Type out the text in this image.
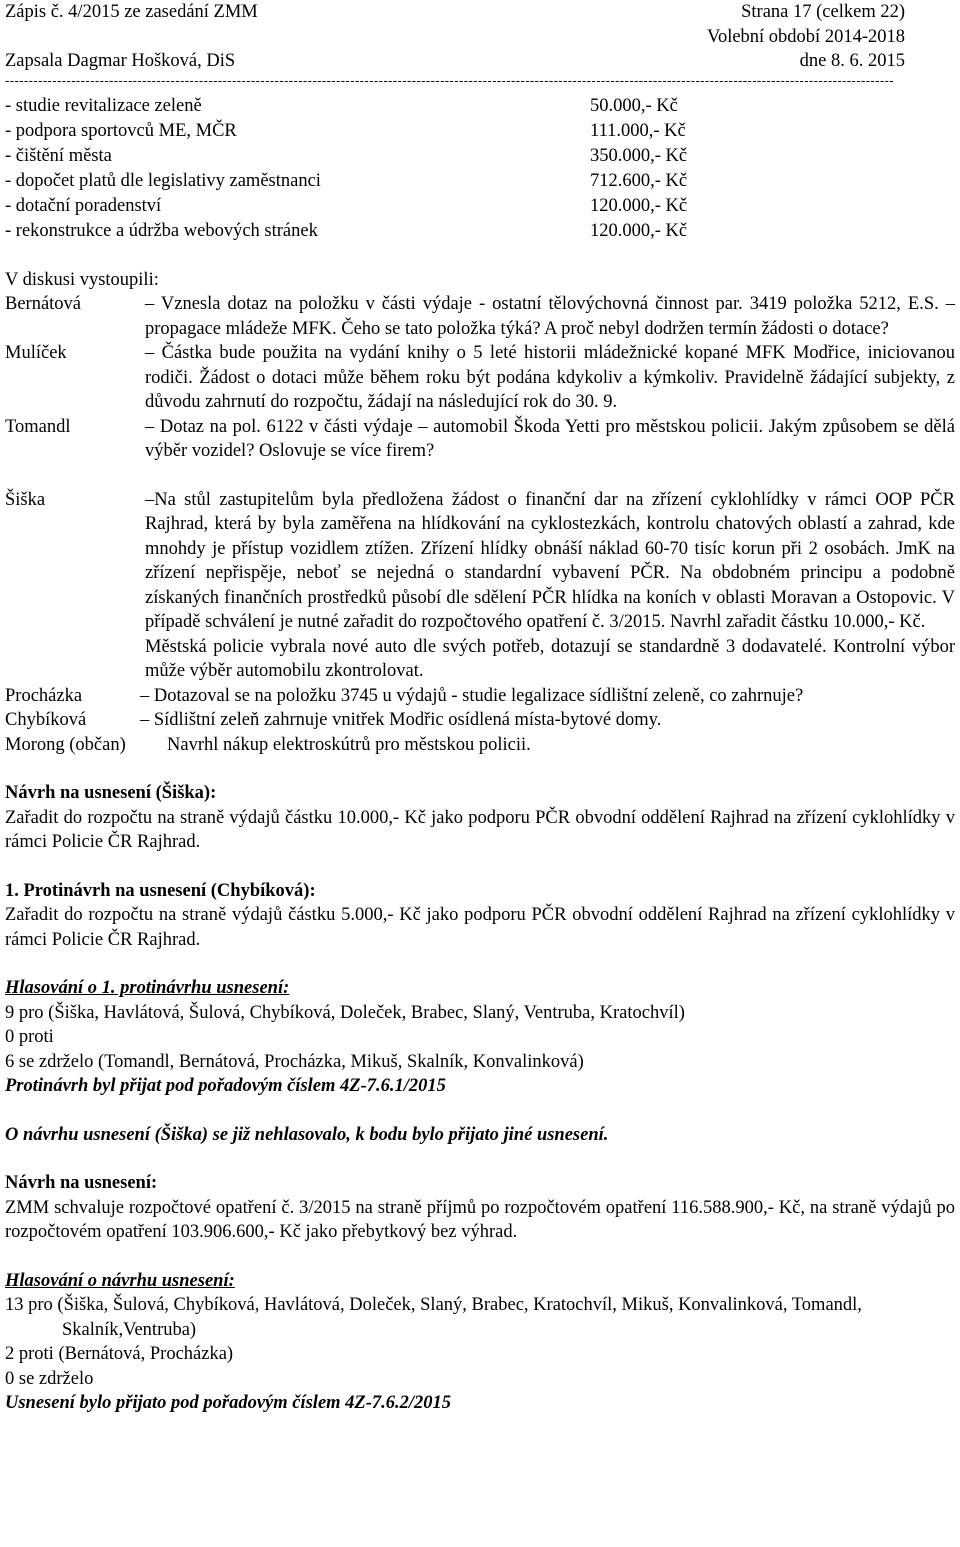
Zápis č. 4/2015 ze zasedání ZMM	Strana 17 (celkem 22)
Volební období 2014-2018
Zapsala Dagmar Hošková, DiS	dne 8. 6. 2015
--------------------------------------------------------------------------------------------------------------------------------------------------------------------------------------------
- studie revitalizace zeleně	50.000,- Kč
- podpora sportovců ME, MČR	111.000,- Kč
- čištění města	350.000,- Kč
- dopočet platů dle legislativy zaměstnanci	712.600,- Kč
- dotační poradenství	120.000,- Kč
- rekonstrukce a údržba webových stránek	120.000,- Kč
V diskusi vystoupili:
Bernátová	– Vznesla dotaz na položku v části výdaje - ostatní tělovýchovná činnost par. 3419 položka 5212, E.S. – propagace mládeže MFK. Čeho se tato položka týká? A proč nebyl dodržen termín žádosti o dotace?
Mulíček	– Částka bude použita na vydání knihy o 5 leté historii mládežnické kopané MFK Modřice, iniciovanou rodiči. Žádost o dotaci může během roku být podána kdykoliv a kýmkoliv. Pravidelně žádající subjekty, z důvodu zahrnutí do rozpočtu, žádají na následující rok do 30. 9.
Tomandl	– Dotaz na pol. 6122 v části výdaje – automobil Škoda Yetti pro městskou policii. Jakým způsobem se dělá výběr vozidel? Oslovuje se více firem?
Šiška	–Na stůl zastupitelům byla předložena žádost o finanční dar na zřízení cyklohlídky v rámci OOP PČR Rajhrad, která by byla zaměřena na hlídkování na cyklostezkách, kontrolu chatových oblastí a zahrad, kde mnohdy je přístup vozidlem ztížen. Zřízení hlídky obnáší náklad 60-70 tisíc korun při 2 osobách. JmK na zřízení nepřispěje, neboť se nejedná o standardní vybavení PČR. Na obdobném principu a podobně získaných finančních prostředků působí dle sdělení PČR hlídka na koních v oblasti Moravan a Ostopovic. V případě schválení je nutné zařadit do rozpočtového opatření č. 3/2015. Navrhl zařadit částku 10.000,- Kč.
Městská policie vybrala nové auto dle svých potřeb, dotazují se standardně 3 dodavatelé. Kontrolní výbor může výběr automobilu zkontrolovat.
Procházka	– Dotazoval se na položku 3745 u výdajů - studie legalizace sídlištní zeleně, co zahrnuje?
Chybíková	– Sídlištní zeleň zahrnuje vnitřek Modřic osídlená místa-bytové domy.
Morong (občan) Navrhl nákup elektroskútrů pro městskou policii.
Návrh na usnesení (Šiška):
Zařadit do rozpočtu na straně výdajů částku 10.000,- Kč jako podporu PČR obvodní oddělení Rajhrad na zřízení cyklohlídky v rámci Policie ČR Rajhrad.
1. Protinávrh na usnesení (Chybíková):
Zařadit do rozpočtu na straně výdajů částku 5.000,- Kč jako podporu PČR obvodní oddělení Rajhrad na zřízení cyklohlídky v rámci Policie ČR Rajhrad.
Hlasování o 1. protinávrhu usnesení:
9 pro (Šiška, Havlátová, Šulová, Chybíková, Doleček, Brabec, Slaný, Ventruba, Kratochvíl)
0 proti
6 se zdrželo (Tomandl, Bernátová, Procházka, Mikuš, Skalník, Konvalinková)
Protinávrh byl přijat pod pořadovým číslem 4Z-7.6.1/2015
O návrhu usnesení (Šiška) se již nehlasovalo, k bodu bylo přijato jiné usnesení.
Návrh na usnesení:
ZMM schvaluje rozpočtové opatření č. 3/2015 na straně příjmů po rozpočtovém opatření 116.588.900,- Kč, na straně výdajů po rozpočtovém opatření 103.906.600,- Kč jako přebytkový bez výhrad.
Hlasování o návrhu usnesení:
13 pro (Šiška, Šulová, Chybíková, Havlátová, Doleček, Slaný, Brabec, Kratochvíl, Mikuš, Konvalinková, Tomandl, Skalník,Ventruba)
2 proti (Bernátová, Procházka)
0 se zdrželo
Usnesení bylo přijato pod pořadovým číslem 4Z-7.6.2/2015
